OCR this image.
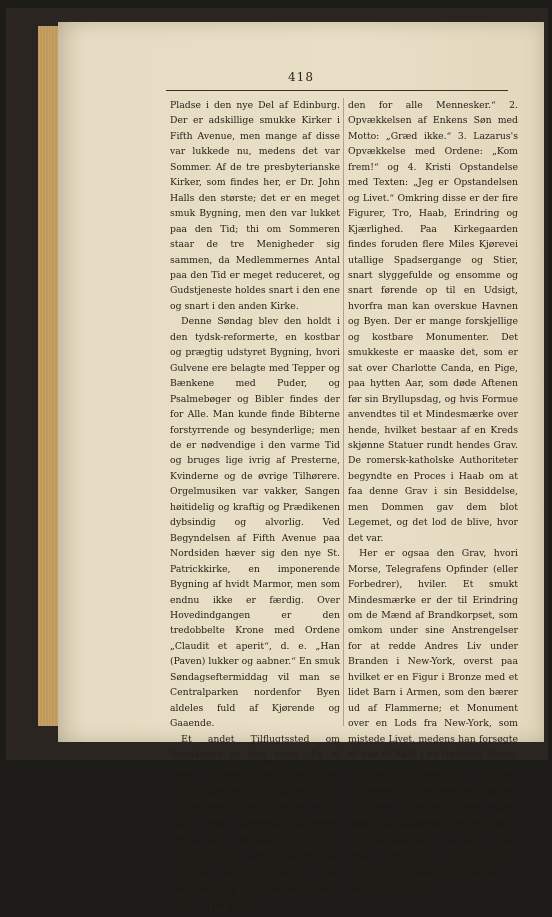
418

Pladse i den nye Del af Edinburg. Der er adskillige smukke Kirker i Fifth Avenue, men mange af disse var lukkede nu, medens det var Sommer. Af de tre presbyterianske Kirker, som findes her, er Dr. John Halls den største; det er en meget smuk Bygning, men den var lukket paa den Tid; thi om Sommeren staar de tre Menigheder sig sammen, da Medlemmernes Antal paa den Tid er meget reduceret, og Gudstjeneste holdes snart i den ene og snart i den anden Kirke.

Denne Søndag blev den holdt i den tydsk-reformerte, en kostbar og prægtig udstyret Bygning, hvori Gulvene ere belagte med Tepper og Bænkene med Puder, og Psalmebøger og Bibler findes der for Alle. Man kunde finde Bibterne forstyrrende og besynderlige; men de er nødvendige i den varme Tid og bruges lige ivrig af Presterne, Kvinderne og de øvrige Tilhørere. Orgelmusiken var vakker, Sangen høitidelig og kraftig og Prædikenen dybsindig og alvorlig. Ved Begyndelsen af Fifth Avenue paa Nordsiden hæver sig den nye St. Patrickkirke, en imponerende Bygning af hvidt Marmor, men som endnu ikke er færdig. Over Hovedindgangen er den tredobbelte Krone med Ordene „Claudit et aperit“, d. e. „Han (Paven) lukker og aabner.“ En smuk Søndagseftermiddag vil man se Centralparken nordenfor Byen aldeles fuld af Kjørende og Gaaende.

Et andet Tilflugtssted om Søndagene er den store „By af Døde“, Greenwood Kirkegaard, paa en høi Bakke ovenfor Brooklyn, som indeholder sex hundrede Acres af et vakkert bølgende og bakket Land med sine 300,000 tause Indvaanere. Den høie Indgangsport i gothisk Stil er bygget af rød Sandsten, og prydet med fire store Basreliefs: 1. Kristi Begravelse med Motto: „Han led Dø

den for alle Mennesker.“ 2. Opvækkelsen af Enkens Søn med Motto: „Græd ikke.“ 3. Lazarus's Opvækkelse med Ordene: „Kom frem!“ og 4. Kristi Opstandelse med Texten: „Jeg er Opstandelsen og Livet.“ Omkring disse er der fire Figurer, Tro, Haab, Erindring og Kjærlighed. Paa Kirkegaarden findes foruden flere Miles Kjørevei utallige Spadsergange og Stier, snart slyggefulde og ensomme og snart førende op til en Udsigt, hvorfra man kan overskue Havnen og Byen. Der er mange forskjellige og kostbare Monumenter. Det smukkeste er maaske det, som er sat over Charlotte Canda, en Pige, paa hytten Aar, som døde Aftenen før sin Bryllupsdag, og hvis Formue anvendtes til et Mindesmærke over hende, hvilket bestaar af en Kreds skjønne Statuer rundt hendes Grav. De romersk-katholske Authoriteter begyndte en Proces i Haab om at faa denne Grav i sin Besiddelse, men Dommen gav dem blot Legemet, og det lod de blive, hvor det var.

Her er ogsaa den Grav, hvori Morse, Telegrafens Opfinder (eller Forbedrer), hviler. Et smukt Mindesmærke er der til Erindring om de Mænd af Brandkorpset, som omkom under sine Anstrengelser for at redde Andres Liv under Branden i New-York, overst paa hvilket er en Figur i Bronze med et lidet Barn i Armen, som den bærer ud af Flammerne; et Monument over en Lods fra New-York, som mistede Livet, medens han forsøgte at naa et Skib i en frygtelig Storm, reist af hans Kamerater, kan sees fra Skibene, som passere Fjorden. Det mest gribende af alle Monumenterne er maaske det, som Byen New York reiste over de Soldater af sine Regimenter, som faldt i den Kamp for Land og Frihed, der endte med Slavernes Befrielse. En ædel Søile hæver
